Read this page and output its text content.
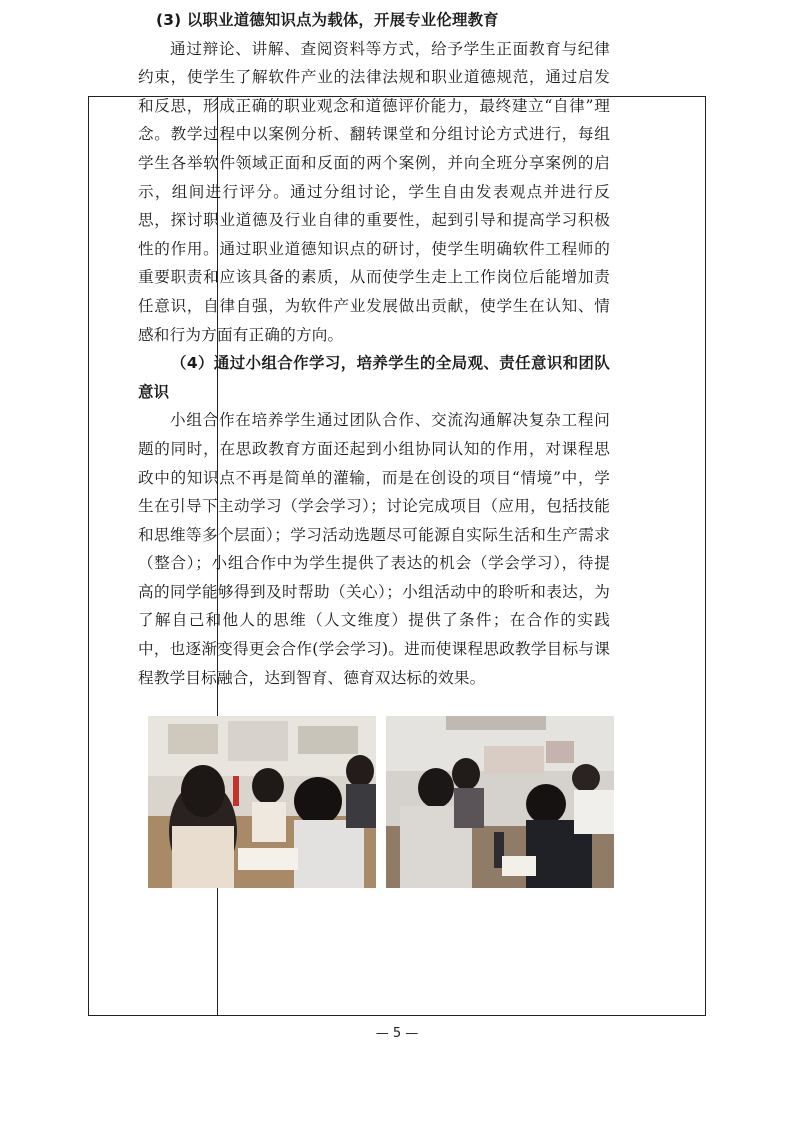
(3) 以职业道德知识点为载体，开展专业伦理教育
通过辩论、讲解、查阅资料等方式，给予学生正面教育与纪律约束，使学生了解软件产业的法律法规和职业道德规范，通过启发和反思，形成正确的职业观念和道德评价能力，最终建立“自律”理念。教学过程中以案例分析、翻转课堂和分组讨论方式进行，每组学生各举软件领域正面和反面的两个案例，并向全班分享案例的启示，组间进行评分。通过分组讨论，学生自由发表观点并进行反思，探讨职业道德及行业自律的重要性，起到引导和提高学习积极性的作用。通过职业道德知识点的研讨，使学生明确软件工程师的重要职责和应该具备的素质，从而使学生走上工作岗位后能增加责任意识，自律自强，为软件产业发展做出贡献，使学生在认知、情感和行为方面有正确的方向。
（4）通过小组合作学习，培养学生的全局观、责任意识和团队意识
小组合作在培养学生通过团队合作、交流沟通解决复杂工程问题的同时，在思政教育方面还起到小组协同认知的作用，对课程思政中的知识点不再是简单的灌输，而是在创设的项目“情境”中，学生在引导下主动学习（学会学习）；讨论完成项目（应用，包括技能和思维等多个层面）；学习活动选题尽可能源自实际生活和生产需求（整合）；小组合作中为学生提供了表达的机会（学会学习），待提高的同学能够得到及时帮助（关心）；小组活动中的聆听和表达，为了解自己和他人的思维（人文维度）提供了条件；在合作的实践中，也逐渐变得更会合作(学会学习)。进而使课程思政教学目标与课程教学目标融合，达到智育、德育双达标的效果。
— 5 —
